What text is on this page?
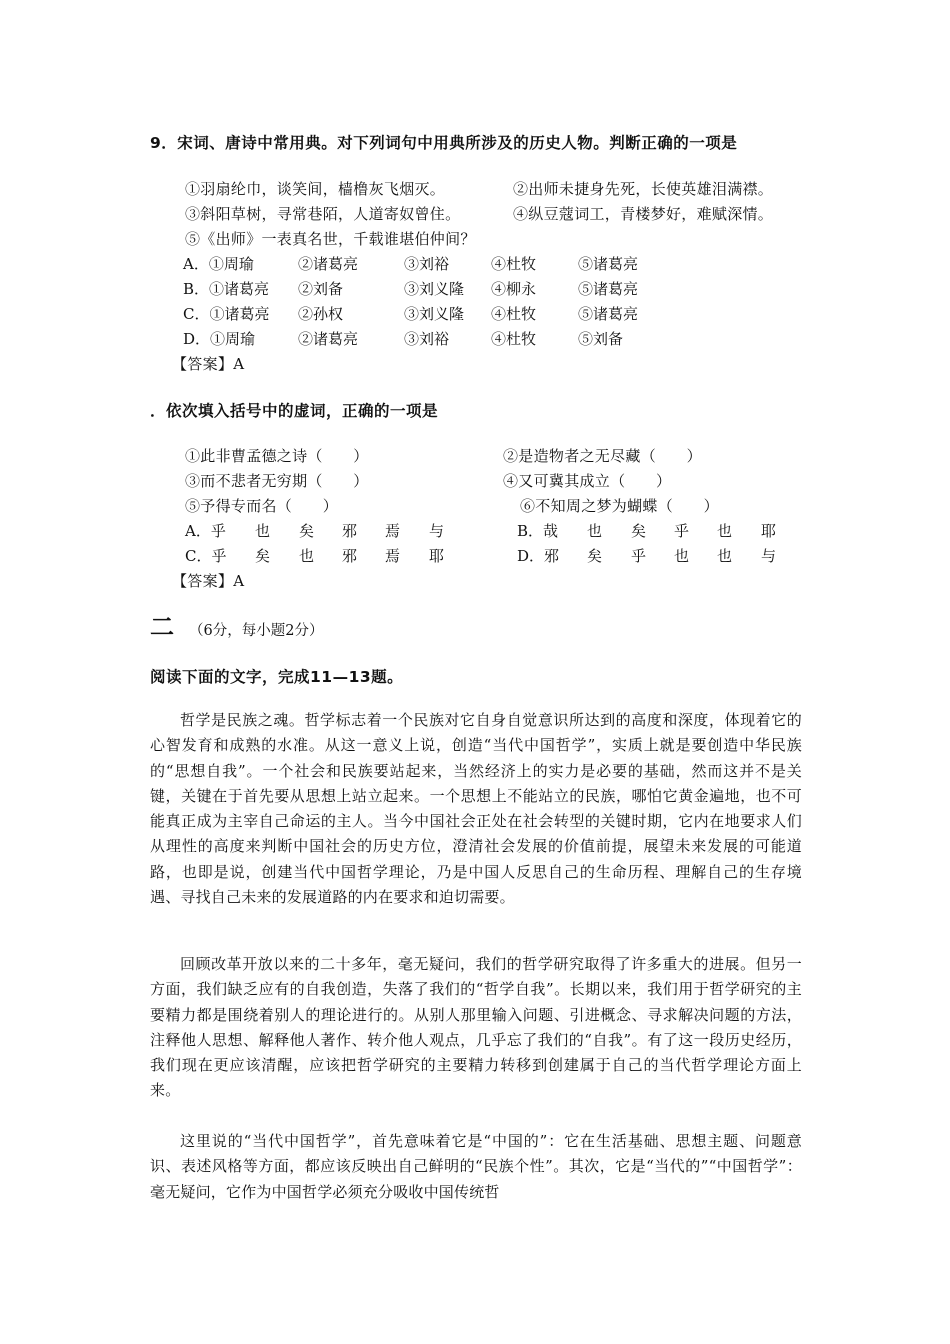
9．宋词、唐诗中常用典。对下列词句中用典所涉及的历史人物。判断正确的一项是
①羽扇纶巾，谈笑间，樯橹灰飞烟灭。	②出师未捷身先死，长使英雄泪满襟。
③斜阳草树，寻常巷陌，人道寄奴曾住。	④纵豆蔻词工，青楼梦好，难赋深情。
⑤《出师》一表真名世，千载谁堪伯仲间？
A．①周瑜	②诸葛亮	③刘裕	④杜牧	⑤诸葛亮
B．①诸葛亮 ②刘备	③刘义隆 ④柳永	⑤诸葛亮
C．①诸葛亮 ②孙权	③刘义隆 ④杜牧	⑤诸葛亮
D．①周瑜	②诸葛亮	③刘裕	④杜牧	⑤刘备
【答案】A
．依次填入括号中的虚词，正确的一项是
①此非曹孟德之诗（　　）	②是造物者之无尽藏（　　）
③而不悲者无穷期（　　）	④又可冀其成立（　　）
⑤予得专而名（　　）	⑥不知周之梦为蝴蝶（　　）
A．乎 也 矣 邪 焉 与	B．哉 也 矣 乎 也 耶
C．乎 矣 也 邪 焉 耶	D．邪 矣 乎 也 也 与
【答案】A
二 （6分，每小题2分）
阅读下面的文字，完成11—13题。

哲学是民族之魂。哲学标志着一个民族对它自身自觉意识所达到的高度和深度，体现着它的心智发育和成熟的水准。从这一意义上说，创造“当代中国哲学”，实质上就是要创造中华民族的“思想自我”。一个社会和民族要站起来，当然经济上的实力是必要的基础，然而这并不是关键，关键在于首先要从思想上站立起来。一个思想上不能站立的民族，哪怕它黄金遍地，也不可能真正成为主宰自己命运的主人。当今中国社会正处在社会转型的关键时期，它内在地要求人们从理性的高度来判断中国社会的历史方位，澄清社会发展的价值前提，展望未来发展的可能道路，也即是说，创建当代中国哲学理论，乃是中国人反思自己的生命历程、理解自己的生存境遇、寻找自己未来的发展道路的内在要求和迫切需要。

回顾改革开放以来的二十多年，毫无疑问，我们的哲学研究取得了许多重大的进展。但另一方面，我们缺乏应有的自我创造，失落了我们的“哲学自我”。长期以来，我们用于哲学研究的主要精力都是围绕着别人的理论进行的。从别人那里输入问题、引进概念、寻求解决问题的方法，注释他人思想、解释他人著作、转介他人观点，几乎忘了我们的“自我”。有了这一段历史经历，我们现在更应该清醒，应该把哲学研究的主要精力转移到创建属于自己的当代哲学理论方面上来。

这里说的“当代中国哲学”，首先意味着它是“中国的”：它在生活基础、思想主题、问题意识、表述风格等方面，都应该反映出自己鲜明的“民族个性”。其次，它是“当代的”“中国哲学”：毫无疑问，它作为中国哲学必须充分吸收中国传统哲
